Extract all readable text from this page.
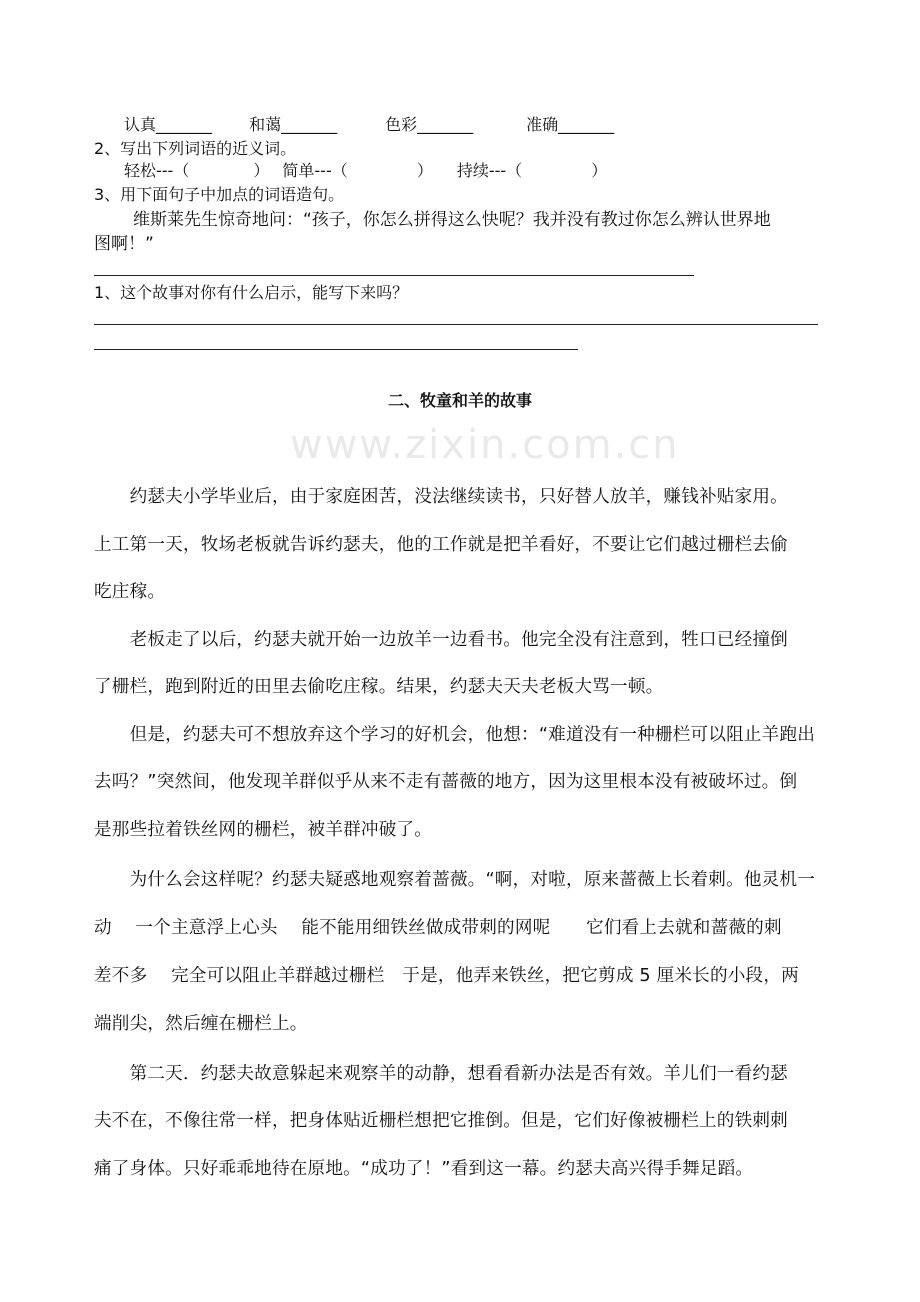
www.zixin.com.cn
认真_______　　 和蔼_______　　　色彩_______　　　 准确_______
2、写出下列词语的近义词。
轻松---（　　　　）　 简单---（　　　　 ）　　持续---（　　　　 ）
3、用下面句子中加点的词语造句。
维斯莱先生惊奇地问：“孩子，你怎么拼得这么快呢？我并没有教过你怎么辨认世界地
图啊！”
1、这个故事对你有什么启示，能写下来吗？
二、牧童和羊的故事
　　约瑟夫小学毕业后，由于家庭困苦，没法继续读书，只好替人放羊，赚钱补贴家用。
上工第一天，牧场老板就告诉约瑟夫，他的工作就是把羊看好，不要让它们越过栅栏去偷
吃庄稼。
　　老板走了以后，约瑟夫就开始一边放羊一边看书。他完全没有注意到，牲口已经撞倒
了栅栏，跑到附近的田里去偷吃庄稼。结果，约瑟夫天夫老板大骂一顿。
　　但是，约瑟夫可不想放弃这个学习的好机会，他想：“难道没有一种栅栏可以阻止羊跑出
去吗？”突然间，他发现羊群似乎从来不走有蔷薇的地方，因为这里根本没有被破坏过。倒
是那些拉着铁丝网的栅栏，被羊群冲破了。
　　为什么会这样呢？约瑟夫疑惑地观察着蔷薇。“啊，对啦，原来蔷薇上长着刺。他灵机一
动　 一个主意浮上心头　 能不能用细铁丝做成带刺的网呢　　它们看上去就和蔷薇的刺
差不多　 完全可以阻止羊群越过栅栏　于是，他弄来铁丝，把它剪成 5 厘米长的小段，两
端削尖，然后缠在栅栏上。
　　第二天．约瑟夫故意躲起来观察羊的动静，想看看新办法是否有效。羊儿们一看约瑟
夫不在，不像往常一样，把身体贴近栅栏想把它推倒。但是，它们好像被栅栏上的铁刺刺
痛了身体。只好乖乖地待在原地。“成功了！”看到这一幕。约瑟夫高兴得手舞足蹈。
